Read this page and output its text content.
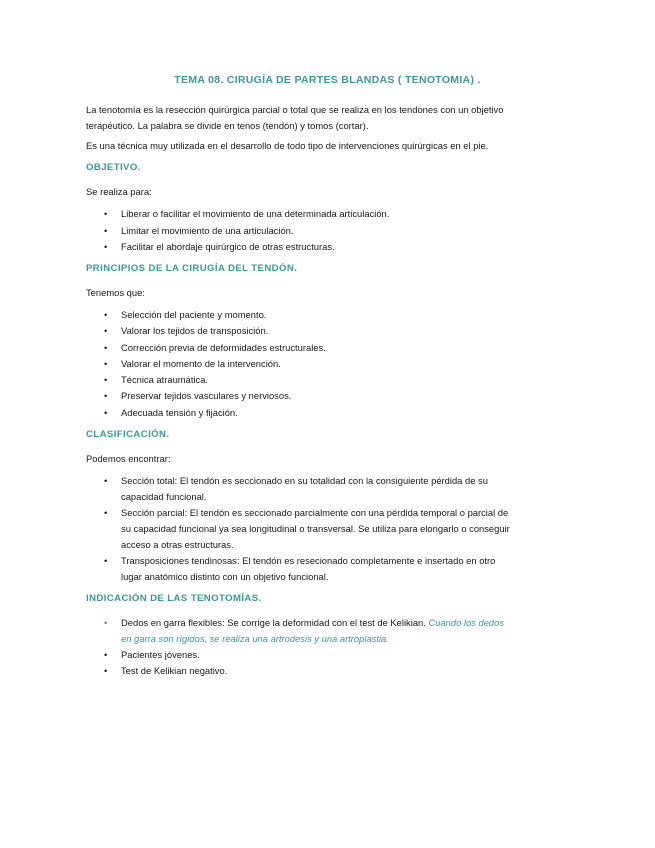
TEMA 08. CIRUGÍA DE PARTES BLANDAS ( TENOTOMIA) .

La tenotomía es la resección quirúrgica parcial o total que se realiza en los tendones con un objetivo terapéutico. La palabra se divide en tenos (tendón) y tomos (cortar).

Es una técnica muy utilizada en el desarrollo de todo tipo de intervenciones quirúrgicas en el pie.

OBJETIVO.

Se realiza para:

• Liberar o facilitar el movimiento de una determinada articulación.
• Limitar el movimiento de una articulación.
• Facilitar el abordaje quirúrgico de otras estructuras.
PRINCIPIOS DE LA CIRUGÍA DEL TENDÓN.

Tenemos que:

• Selección del paciente y momento.
• Valorar los tejidos de transposición.
• Corrección previa de deformidades estructurales.
• Valorar el momento de la intervención.
• Técnica atraumática.
• Preservar tejidos vasculares y nerviosos.
• Adecuada tensión y fijación.
CLASIFICACIÓN.

Podemos encontrar:

• Sección total: El tendón es seccionado en su totalidad con la consiguiente pérdida de su capacidad funcional.
• Sección parcial: El tendón es seccionado parcialmente con una pérdida temporal o parcial de su capacidad funcional ya sea longitudinal o transversal. Se utiliza para elongarlo o conseguir acceso a otras estructuras.
• Transposiciones tendinosas: El tendón es resecionado completamente e insertado en otro lugar anatómico distinto con un objetivo funcional.
INDICACIÓN DE LAS TENOTOMÍAS.
• Dedos en garra flexibles: Se corrige la deformidad con el test de Kelikian. Cuando los dedos en garra son rígidos, se realiza una artrodesis y una artroplastia.
• Pacientes jóvenes.
• Test de Kelikian negativo.
